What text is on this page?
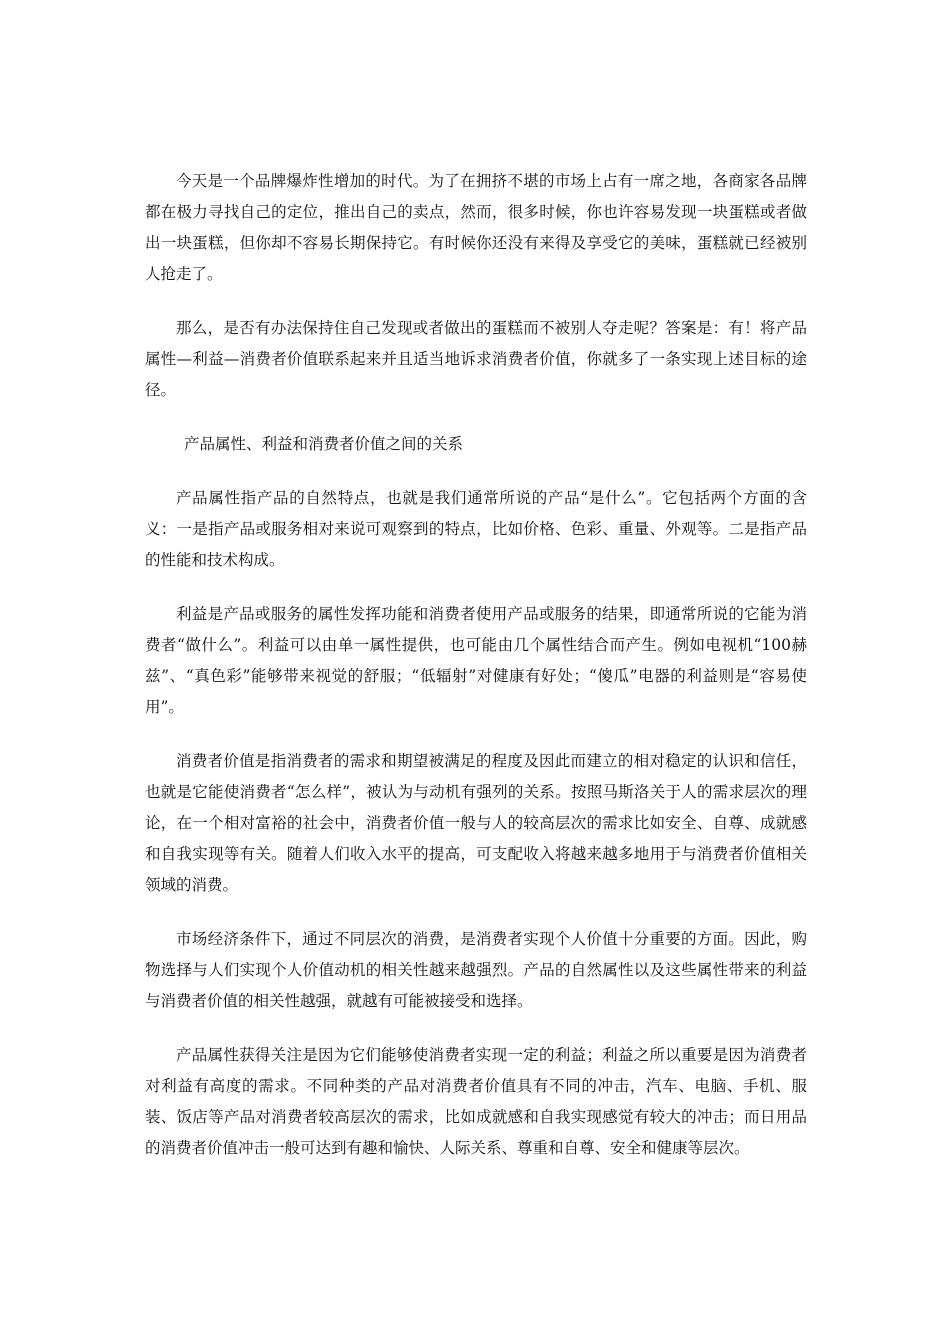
今天是一个品牌爆炸性增加的时代。为了在拥挤不堪的市场上占有一席之地，各商家各品牌都在极力寻找自己的定位，推出自己的卖点，然而，很多时候，你也许容易发现一块蛋糕或者做出一块蛋糕，但你却不容易长期保持它。有时候你还没有来得及享受它的美味，蛋糕就已经被别人抢走了。

那么，是否有办法保持住自己发现或者做出的蛋糕而不被别人夺走呢？答案是：有！将产品属性—利益—消费者价值联系起来并且适当地诉求消费者价值，你就多了一条实现上述目标的途径。

产品属性、利益和消费者价值之间的关系

产品属性指产品的自然特点，也就是我们通常所说的产品“是什么”。它包括两个方面的含义：一是指产品或服务相对来说可观察到的特点，比如价格、色彩、重量、外观等。二是指产品的性能和技术构成。

利益是产品或服务的属性发挥功能和消费者使用产品或服务的结果，即通常所说的它能为消费者“做什么”。利益可以由单一属性提供，也可能由几个属性结合而产生。例如电视机“100赫兹”、“真色彩”能够带来视觉的舒服；“低辐射”对健康有好处；“傻瓜”电器的利益则是“容易使用”。

消费者价值是指消费者的需求和期望被满足的程度及因此而建立的相对稳定的认识和信任，也就是它能使消费者“怎么样”，被认为与动机有强列的关系。按照马斯洛关于人的需求层次的理论，在一个相对富裕的社会中，消费者价值一般与人的较高层次的需求比如安全、自尊、成就感和自我实现等有关。随着人们收入水平的提高，可支配收入将越来越多地用于与消费者价值相关领域的消费。

市场经济条件下，通过不同层次的消费，是消费者实现个人价值十分重要的方面。因此，购物选择与人们实现个人价值动机的相关性越来越强烈。产品的自然属性以及这些属性带来的利益与消费者价值的相关性越强，就越有可能被接受和选择。

产品属性获得关注是因为它们能够使消费者实现一定的利益；利益之所以重要是因为消费者对利益有高度的需求。不同种类的产品对消费者价值具有不同的冲击，汽车、电脑、手机、服装、饭店等产品对消费者较高层次的需求，比如成就感和自我实现感觉有较大的冲击；而日用品的消费者价值冲击一般可达到有趣和愉快、人际关系、尊重和自尊、安全和健康等层次。
